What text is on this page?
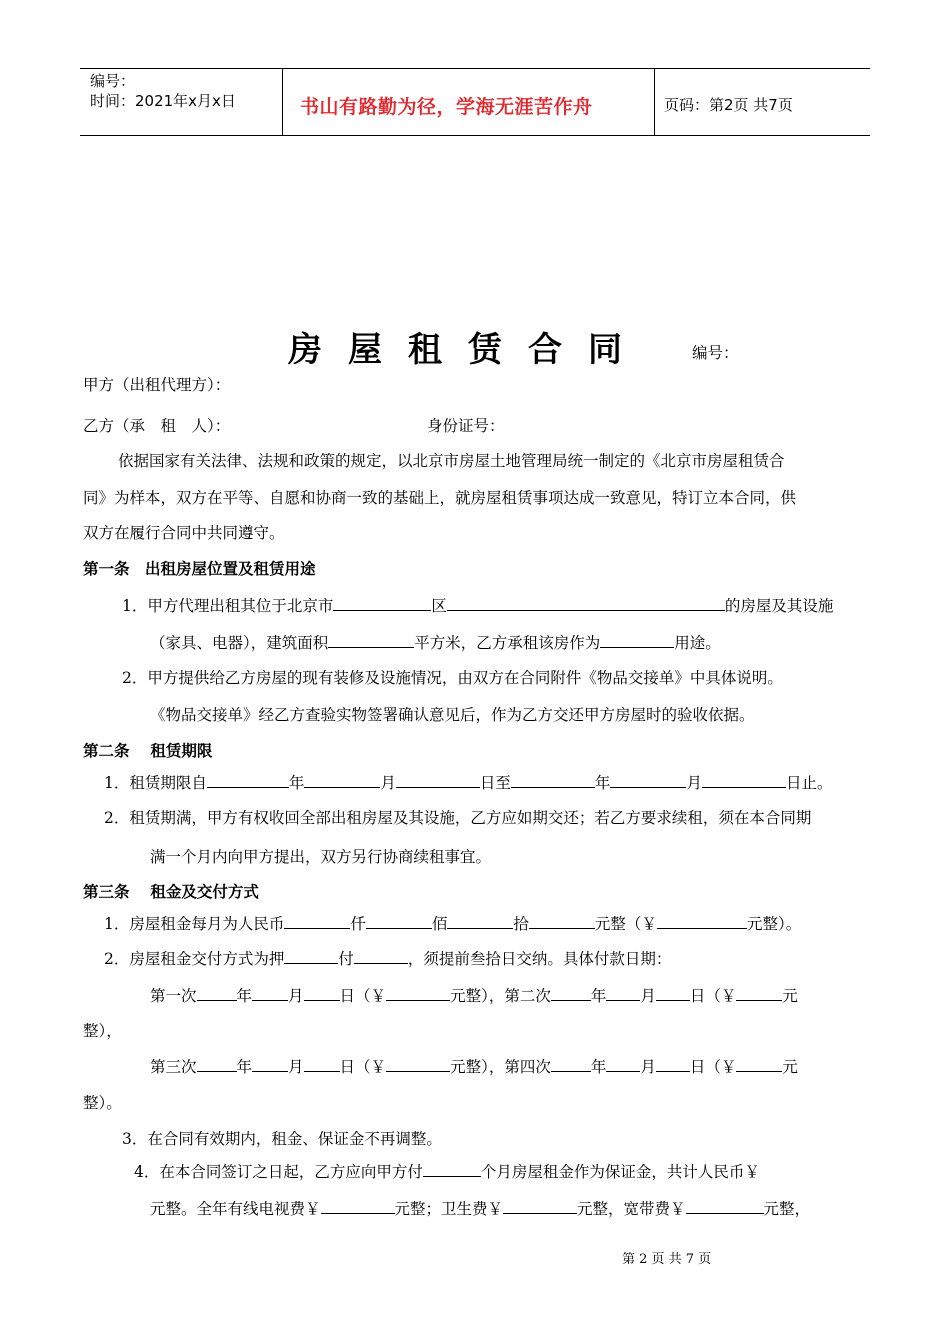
编号：
时间：2021年x月x日	书山有路勤为径，学海无涯苦作舟	页码：第2页 共7页
房屋租赁合同	编号：
甲方（出租代理方）：
乙方（承　租　人）：	身份证号：
依据国家有关法律、法规和政策的规定，以北京市房屋土地管理局统一制定的《北京市房屋租赁合
同》为样本，双方在平等、自愿和协商一致的基础上，就房屋租赁事项达成一致意见，特订立本合同，供
双方在履行合同中共同遵守。
第一条　出租房屋位置及租赁用途
1．甲方代理出租其位于北京市	区	的房屋及其设施
（家具、电器），建筑面积	平方米，乙方承租该房作为	用途。
2．甲方提供给乙方房屋的现有装修及设施情况，由双方在合同附件《物品交接单》中具体说明。
《物品交接单》经乙方查验实物签署确认意见后，作为乙方交还甲方房屋时的验收依据。
第二条　 租赁期限
1．租赁期限自	年	月	日至	年	月	日止。
2．租赁期满，甲方有权收回全部出租房屋及其设施，乙方应如期交还；若乙方要求续租，须在本合同期
满一个月内向甲方提出，双方另行协商续租事宜。
第三条　 租金及交付方式
1．房屋租金每月为人民币	仟	佰	拾	元整（￥	元整）。
2．房屋租金交付方式为押	付	，须提前叁拾日交纳。具体付款日期：
第一次	年 月 日（￥	元整），第二次	年 月 日（￥	元
整），
第三次	年 月 日（￥	元整），第四次	年 月 日（￥	元
整）。
3．在合同有效期内，租金、保证金不再调整。
4．在本合同签订之日起，乙方应向甲方付	个月房屋租金作为保证金，共计人民币￥
元整。全年有线电视费￥	元整；卫生费￥	元整，宽带费￥	元整，
第 2 页 共 7 页
